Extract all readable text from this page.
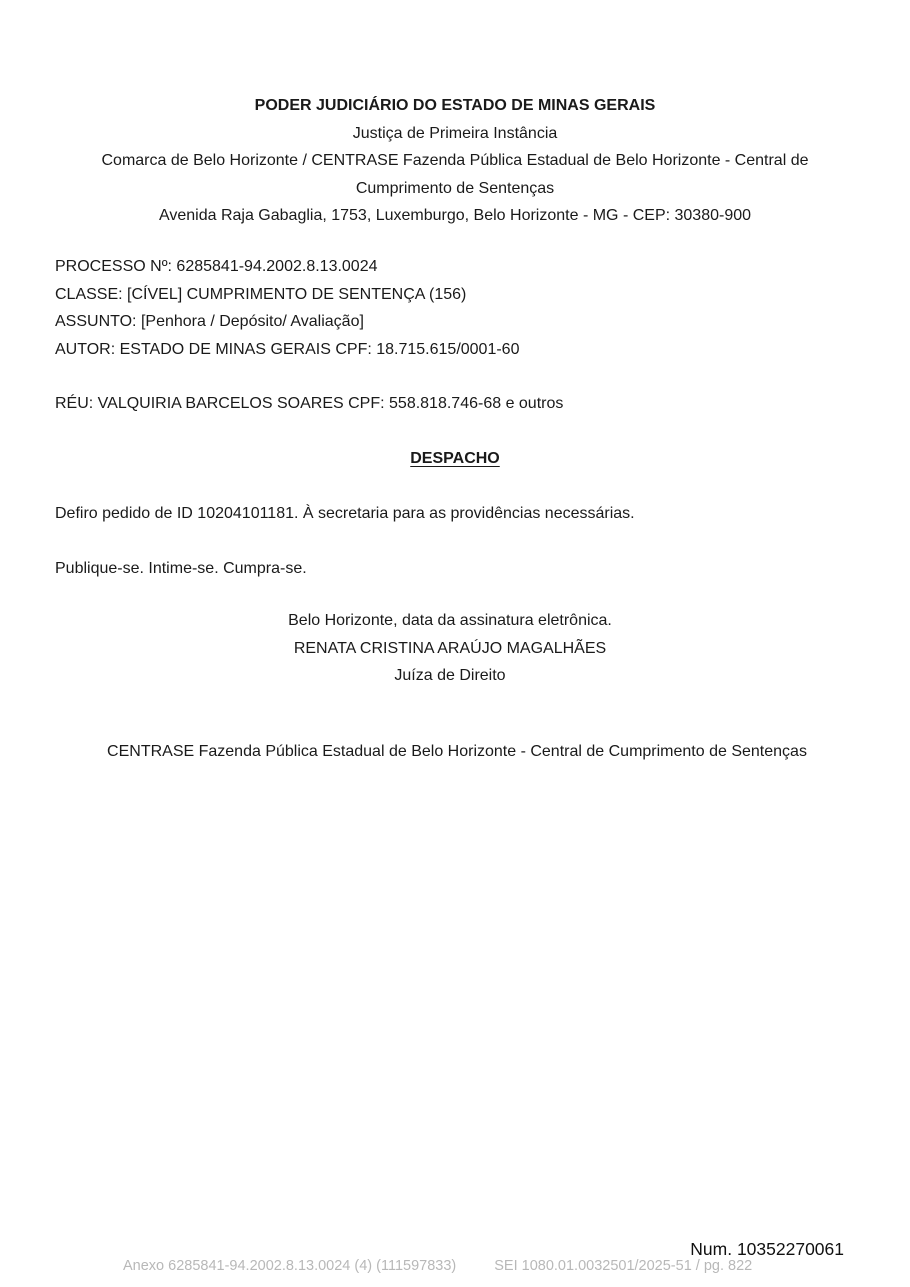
PODER JUDICIÁRIO DO ESTADO DE MINAS GERAIS
Justiça de Primeira Instância
Comarca de Belo Horizonte / CENTRASE Fazenda Pública Estadual de Belo Horizonte - Central de
Cumprimento de Sentenças
Avenida Raja Gabaglia, 1753, Luxemburgo, Belo Horizonte - MG - CEP: 30380-900
PROCESSO Nº: 6285841-94.2002.8.13.0024
CLASSE: [CÍVEL] CUMPRIMENTO DE SENTENÇA (156)
ASSUNTO: [Penhora / Depósito/ Avaliação]
AUTOR: ESTADO DE MINAS GERAIS CPF: 18.715.615/0001-60
RÉU: VALQUIRIA BARCELOS SOARES CPF: 558.818.746-68 e outros
DESPACHO
Defiro pedido de ID 10204101181. À secretaria para as providências necessárias.
Publique-se. Intime-se. Cumpra-se.
Belo Horizonte, data da assinatura eletrônica.
RENATA CRISTINA ARAÚJO MAGALHÃES
Juíza de Direito
CENTRASE Fazenda Pública Estadual de Belo Horizonte - Central de Cumprimento de Sentenças
Num. 10352270061
Anexo 6285841-94.2002.8.13.0024 (4) (111597833)	SEI 1080.01.0032501/2025-51 / pg. 822
